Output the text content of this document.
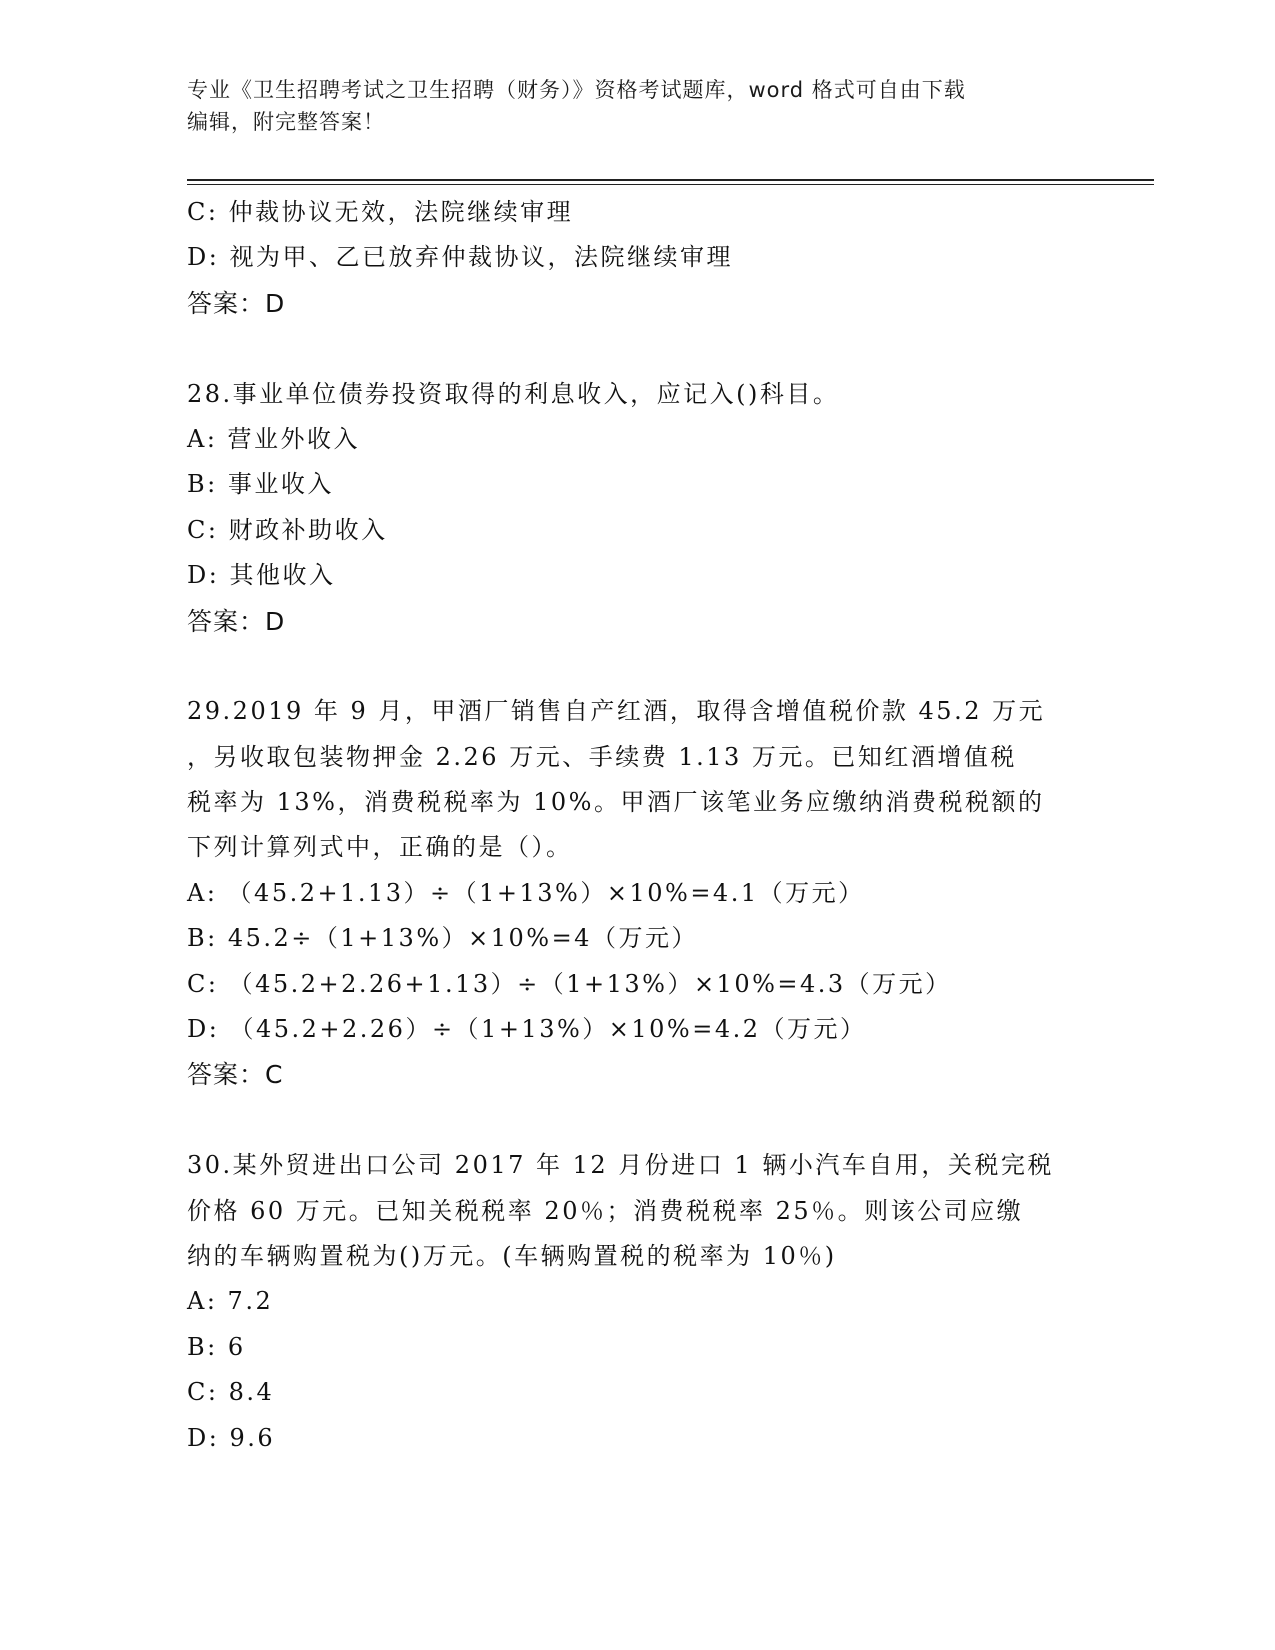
专业《卫生招聘考试之卫生招聘（财务）》资格考试题库，word 格式可自由下载
编辑，附完整答案！
C: 仲裁协议无效，法院继续审理
D: 视为甲、乙已放弃仲裁协议，法院继续审理
答案：D
28.事业单位债券投资取得的利息收入，应记入()科目。
A: 营业外收入
B: 事业收入
C: 财政补助收入
D: 其他收入
答案：D
29.2019 年 9 月，甲酒厂销售自产红酒，取得含增值税价款 45.2 万元
，另收取包装物押金 2.26 万元、手续费 1.13 万元。已知红酒增值税
税率为 13%，消费税税率为 10%。甲酒厂该笔业务应缴纳消费税税额的
下列计算列式中，正确的是（）。
A: （45.2+1.13）÷（1+13%）×10%=4.1（万元）
B: 45.2÷（1+13%）×10%=4（万元）
C: （45.2+2.26+1.13）÷（1+13%）×10%=4.3（万元）
D: （45.2+2.26）÷（1+13%）×10%=4.2（万元）
答案：C
30.某外贸进出口公司 2017 年 12 月份进口 1 辆小汽车自用，关税完税
价格 60 万元。已知关税税率 20％；消费税税率 25％。则该公司应缴
纳的车辆购置税为()万元。(车辆购置税的税率为 10％)
A: 7.2
B: 6
C: 8.4
D: 9.6
